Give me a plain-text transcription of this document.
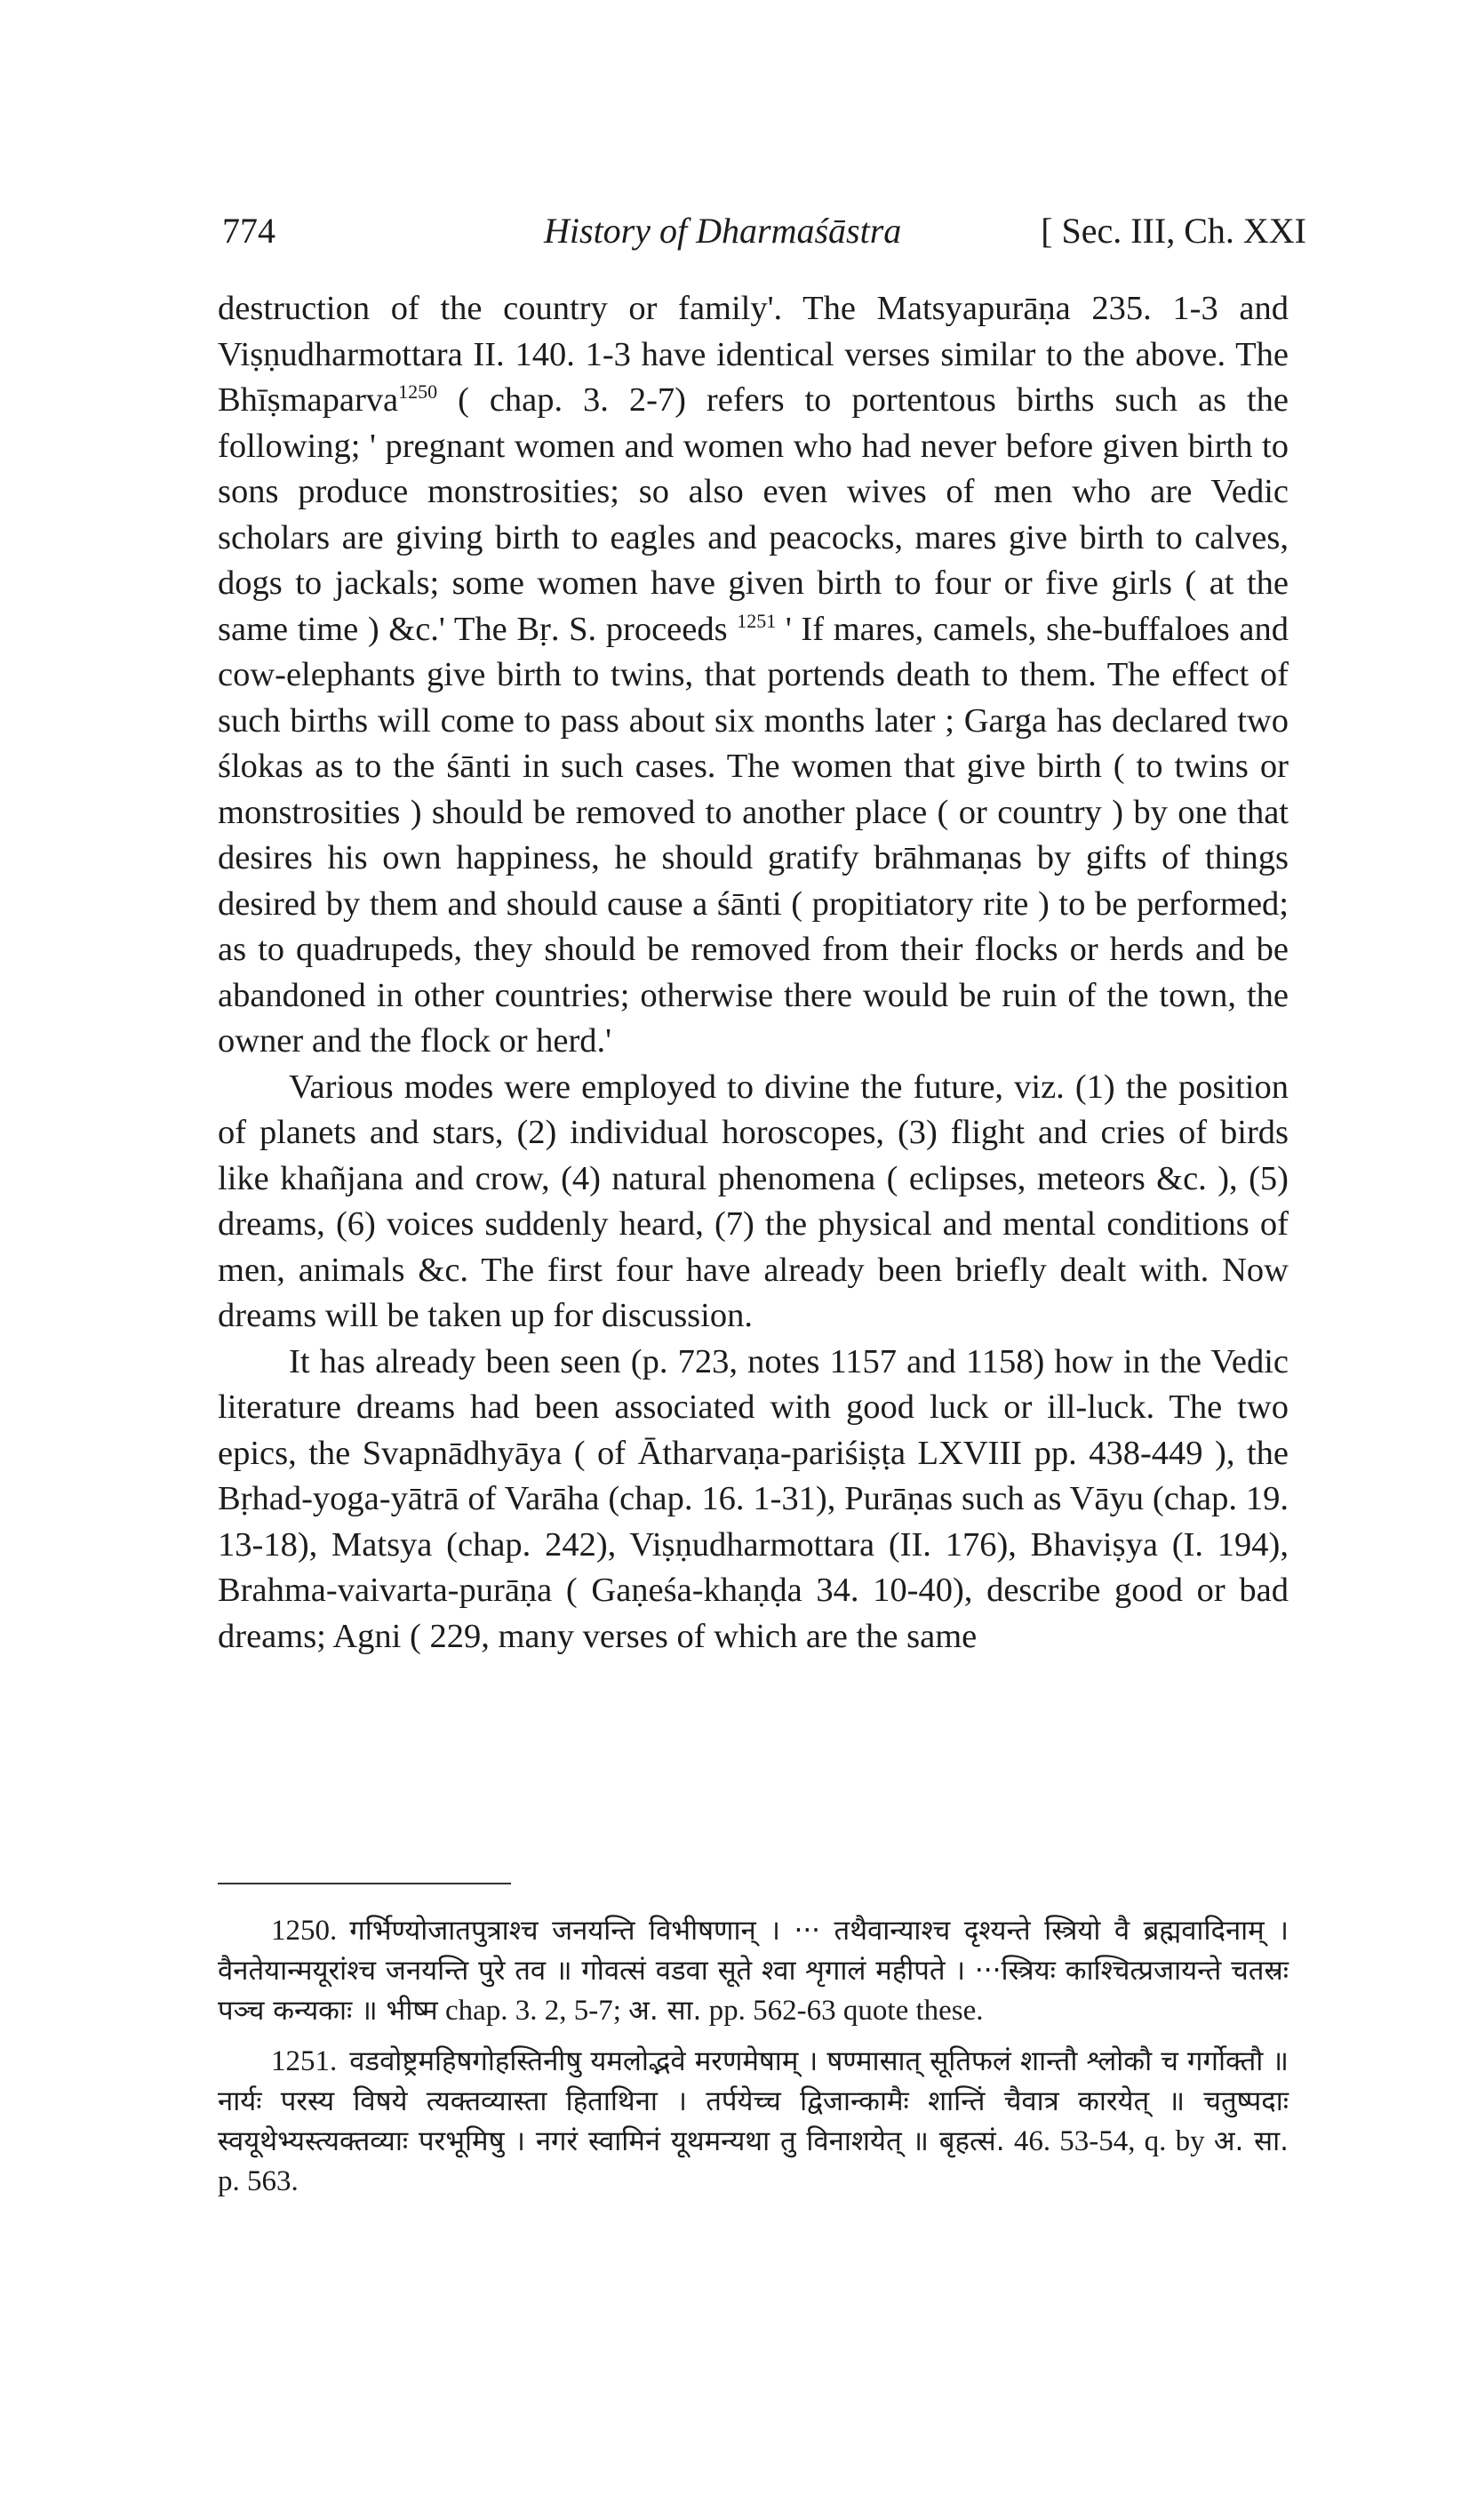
774	History of Dharmaśāstra	[ Sec. III, Ch. XXI

destruction of the country or family'. The Matsyapurāṇa 235. 1-3 and Viṣṇudharmottara II. 140. 1-3 have identical verses similar to the above. The Bhīṣmaparva$^{1250}$ ( chap. 3. 2-7) refers to portentous births such as the following; ' pregnant women and women who had never before given birth to sons produce monstrosities; so also even wives of men who are Vedic scholars are giving birth to eagles and peacocks, mares give birth to calves, dogs to jackals; some women have given birth to four or five girls ( at the same time ) &c.' The Bṛ. S. proceeds $^{1251}$ ' If mares, camels, she-buffaloes and cow-elephants give birth to twins, that portends death to them. The effect of such births will come to pass about six months later ; Garga has declared two ślokas as to the śānti in such cases. The women that give birth ( to twins or monstrosities ) should be removed to another place ( or country ) by one that desires his own happiness, he should gratify brāhmaṇas by gifts of things desired by them and should cause a śānti ( propitiatory rite ) to be performed; as to quadrupeds, they should be removed from their flocks or herds and be abandoned in other countries; otherwise there would be ruin of the town, the owner and the flock or herd.'

Various modes were employed to divine the future, viz. (1) the position of planets and stars, (2) individual horoscopes, (3) flight and cries of birds like khañjana and crow, (4) natural phenomena ( eclipses, meteors &c. ), (5) dreams, (6) voices suddenly heard, (7) the physical and mental conditions of men, animals &c. The first four have already been briefly dealt with. Now dreams will be taken up for discussion.

It has already been seen (p. 723, notes 1157 and 1158) how in the Vedic literature dreams had been associated with good luck or ill-luck. The two epics, the Svapnādhyāya ( of Ātharvaṇa-pariśiṣṭa LXVIII pp. 438-449 ), the Bṛhad-yoga-yātrā of Varāha (chap. 16. 1-31), Purāṇas such as Vāyu (chap. 19. 13-18), Matsya (chap. 242), Viṣṇudharmottara (II. 176), Bhaviṣya (I. 194), Brahma-vaivarta-purāṇa ( Gaṇeśa-khaṇḍa 34. 10-40), describe good or bad dreams; Agni ( 229, many verses of which are the same

1250. गर्भिण्योजातपुत्राश्च जनयन्ति विभीषणान् । ··· तथैवान्याश्च दृश्यन्ते स्त्रियो वै ब्रह्मवादिनाम् । वैनतेयान्मयूरांश्च जनयन्ति पुरे तव ॥ गोवत्सं वडवा सूते श्वा शृगालं महीपते । ···स्त्रियः काश्चित्प्रजायन्ते चतस्रः पञ्च कन्यकाः ॥ भीष्म chap. 3. 2, 5-7; अ. सा. pp. 562-63 quote these.

1251. वडवोष्ट्रमहिषगोहस्तिनीषु यमलोद्भवे मरणमेषाम् । षण्मासात् सूतिफलं शान्तौ श्लोकौ च गर्गोक्तौ ॥ नार्यः परस्य विषये त्यक्तव्यास्ता हिताथिना । तर्पयेच्च द्विजान्कामैः शान्तिं चैवात्र कारयेत् ॥ चतुष्पदाः स्वयूथेभ्यस्त्यक्तव्याः परभूमिषु । नगरं स्वामिनं यूथमन्यथा तु विनाशयेत् ॥ बृहत्सं. 46. 53-54, q. by अ. सा. p. 563.
